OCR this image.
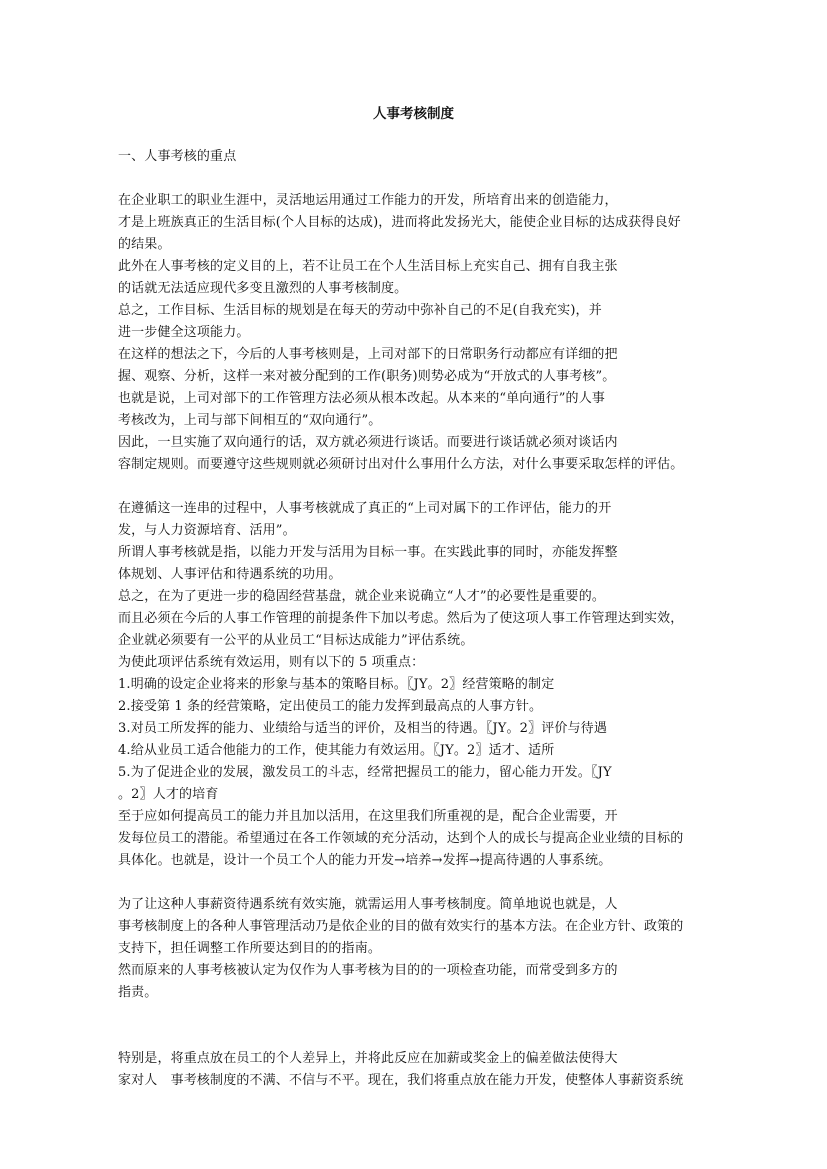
人事考核制度
一、人事考核的重点
在企业职工的职业生涯中，灵活地运用通过工作能力的开发，所培育出来的创造能力，
才是上班族真正的生活目标(个人目标的达成)，进而将此发扬光大，能使企业目标的达成获得良好
的结果。
此外在人事考核的定义目的上，若不让员工在个人生活目标上充实自己、拥有自我主张
的话就无法适应现代多变且激烈的人事考核制度。
总之，工作目标、生活目标的规划是在每天的劳动中弥补自己的不足(自我充实)，并
进一步健全这项能力。
在这样的想法之下，今后的人事考核则是，上司对部下的日常职务行动都应有详细的把
握、观察、分析，这样一来对被分配到的工作(职务)则势必成为“开放式的人事考核”。
也就是说，上司对部下的工作管理方法必须从根本改起。从本来的“单向通行”的人事
考核改为，上司与部下间相互的“双向通行”。
因此，一旦实施了双向通行的话，双方就必须进行谈话。而要进行谈话就必须对谈话内
容制定规则。而要遵守这些规则就必须研讨出对什么事用什么方法，对什么事要采取怎样的评估。
在遵循这一连串的过程中，人事考核就成了真正的“上司对属下的工作评估，能力的开
发，与人力资源培育、活用”。
所谓人事考核就是指，以能力开发与活用为目标一事。在实践此事的同时，亦能发挥整
体规划、人事评估和待遇系统的功用。
总之，在为了更进一步的稳固经营基盘，就企业来说确立“人才”的必要性是重要的。
而且必须在今后的人事工作管理的前提条件下加以考虑。然后为了使这项人事工作管理达到实效，
企业就必须要有一公平的从业员工“目标达成能力”评估系统。
为使此项评估系统有效运用，则有以下的 5 项重点：
1.明确的设定企业将来的形象与基本的策略目标。〖JY。2〗经营策略的制定
2.接受第 1 条的经营策略，定出使员工的能力发挥到最高点的人事方针。
3.对员工所发挥的能力、业绩给与适当的评价，及相当的待遇。〖JY。2〗评价与待遇
4.给从业员工适合他能力的工作，使其能力有效运用。〖JY。2〗适才、适所
5.为了促进企业的发展，激发员工的斗志，经常把握员工的能力，留心能力开发。〖JY
。2〗人才的培育
至于应如何提高员工的能力并且加以活用，在这里我们所重视的是，配合企业需要，开
发每位员工的潜能。希望通过在各工作领域的充分活动，达到个人的成长与提高企业业绩的目标的
具体化。也就是，设计一个员工个人的能力开发→培养→发挥→提高待遇的人事系统。
为了让这种人事薪资待遇系统有效实施，就需运用人事考核制度。简单地说也就是，人
事考核制度上的各种人事管理活动乃是依企业的目的做有效实行的基本方法。在企业方针、政策的
支持下，担任调整工作所要达到目的的指南。
然而原来的人事考核被认定为仅作为人事考核为目的的一项检查功能，而常受到多方的
指责。
特别是，将重点放在员工的个人差异上，并将此反应在加薪或奖金上的偏差做法使得大
家对人　事考核制度的不满、不信与不平。现在，我们将重点放在能力开发，使整体人事薪资系统
